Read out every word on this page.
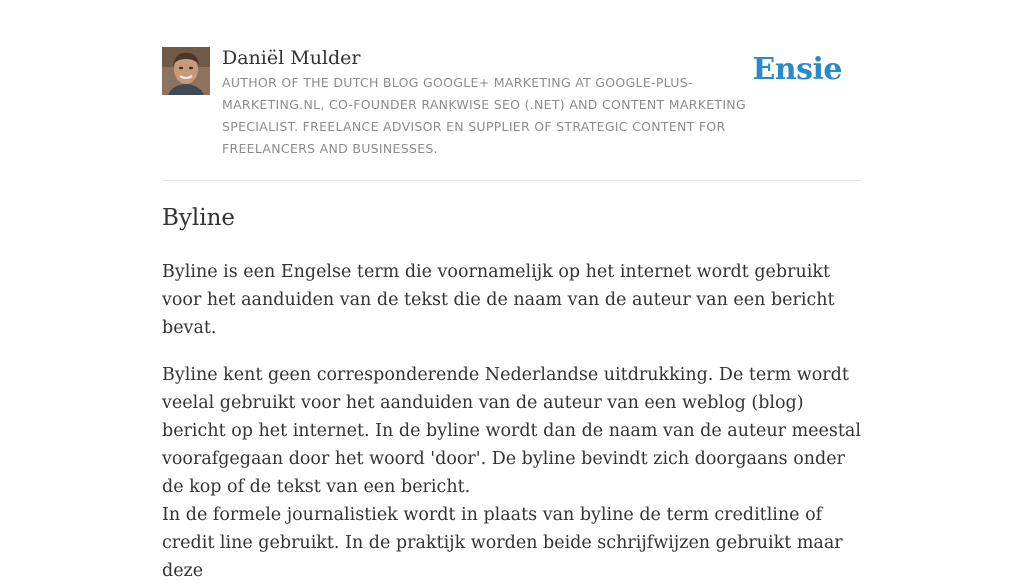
Daniël Mulder
AUTHOR OF THE DUTCH BLOG GOOGLE+ MARKETING AT GOOGLE-PLUS-MARKETING.NL, CO-FOUNDER RANKWISE SEO (.NET) AND CONTENT MARKETING SPECIALIST. FREELANCE ADVISOR EN SUPPLIER OF STRATEGIC CONTENT FOR FREELANCERS AND BUSINESSES.
Ensie
Byline

Byline is een Engelse term die voornamelijk op het internet wordt gebruikt voor het aanduiden van de tekst die de naam van de auteur van een bericht bevat.

Byline kent geen corresponderende Nederlandse uitdrukking. De term wordt veelal gebruikt voor het aanduiden van de auteur van een weblog (blog) bericht op het internet. In de byline wordt dan de naam van de auteur meestal voorafgegaan door het woord 'door'. De byline bevindt zich doorgaans onder de kop of de tekst van een bericht.
In de formele journalistiek wordt in plaats van byline de term creditline of credit line gebruikt. In de praktijk worden beide schrijfwijzen gebruikt maar deze
